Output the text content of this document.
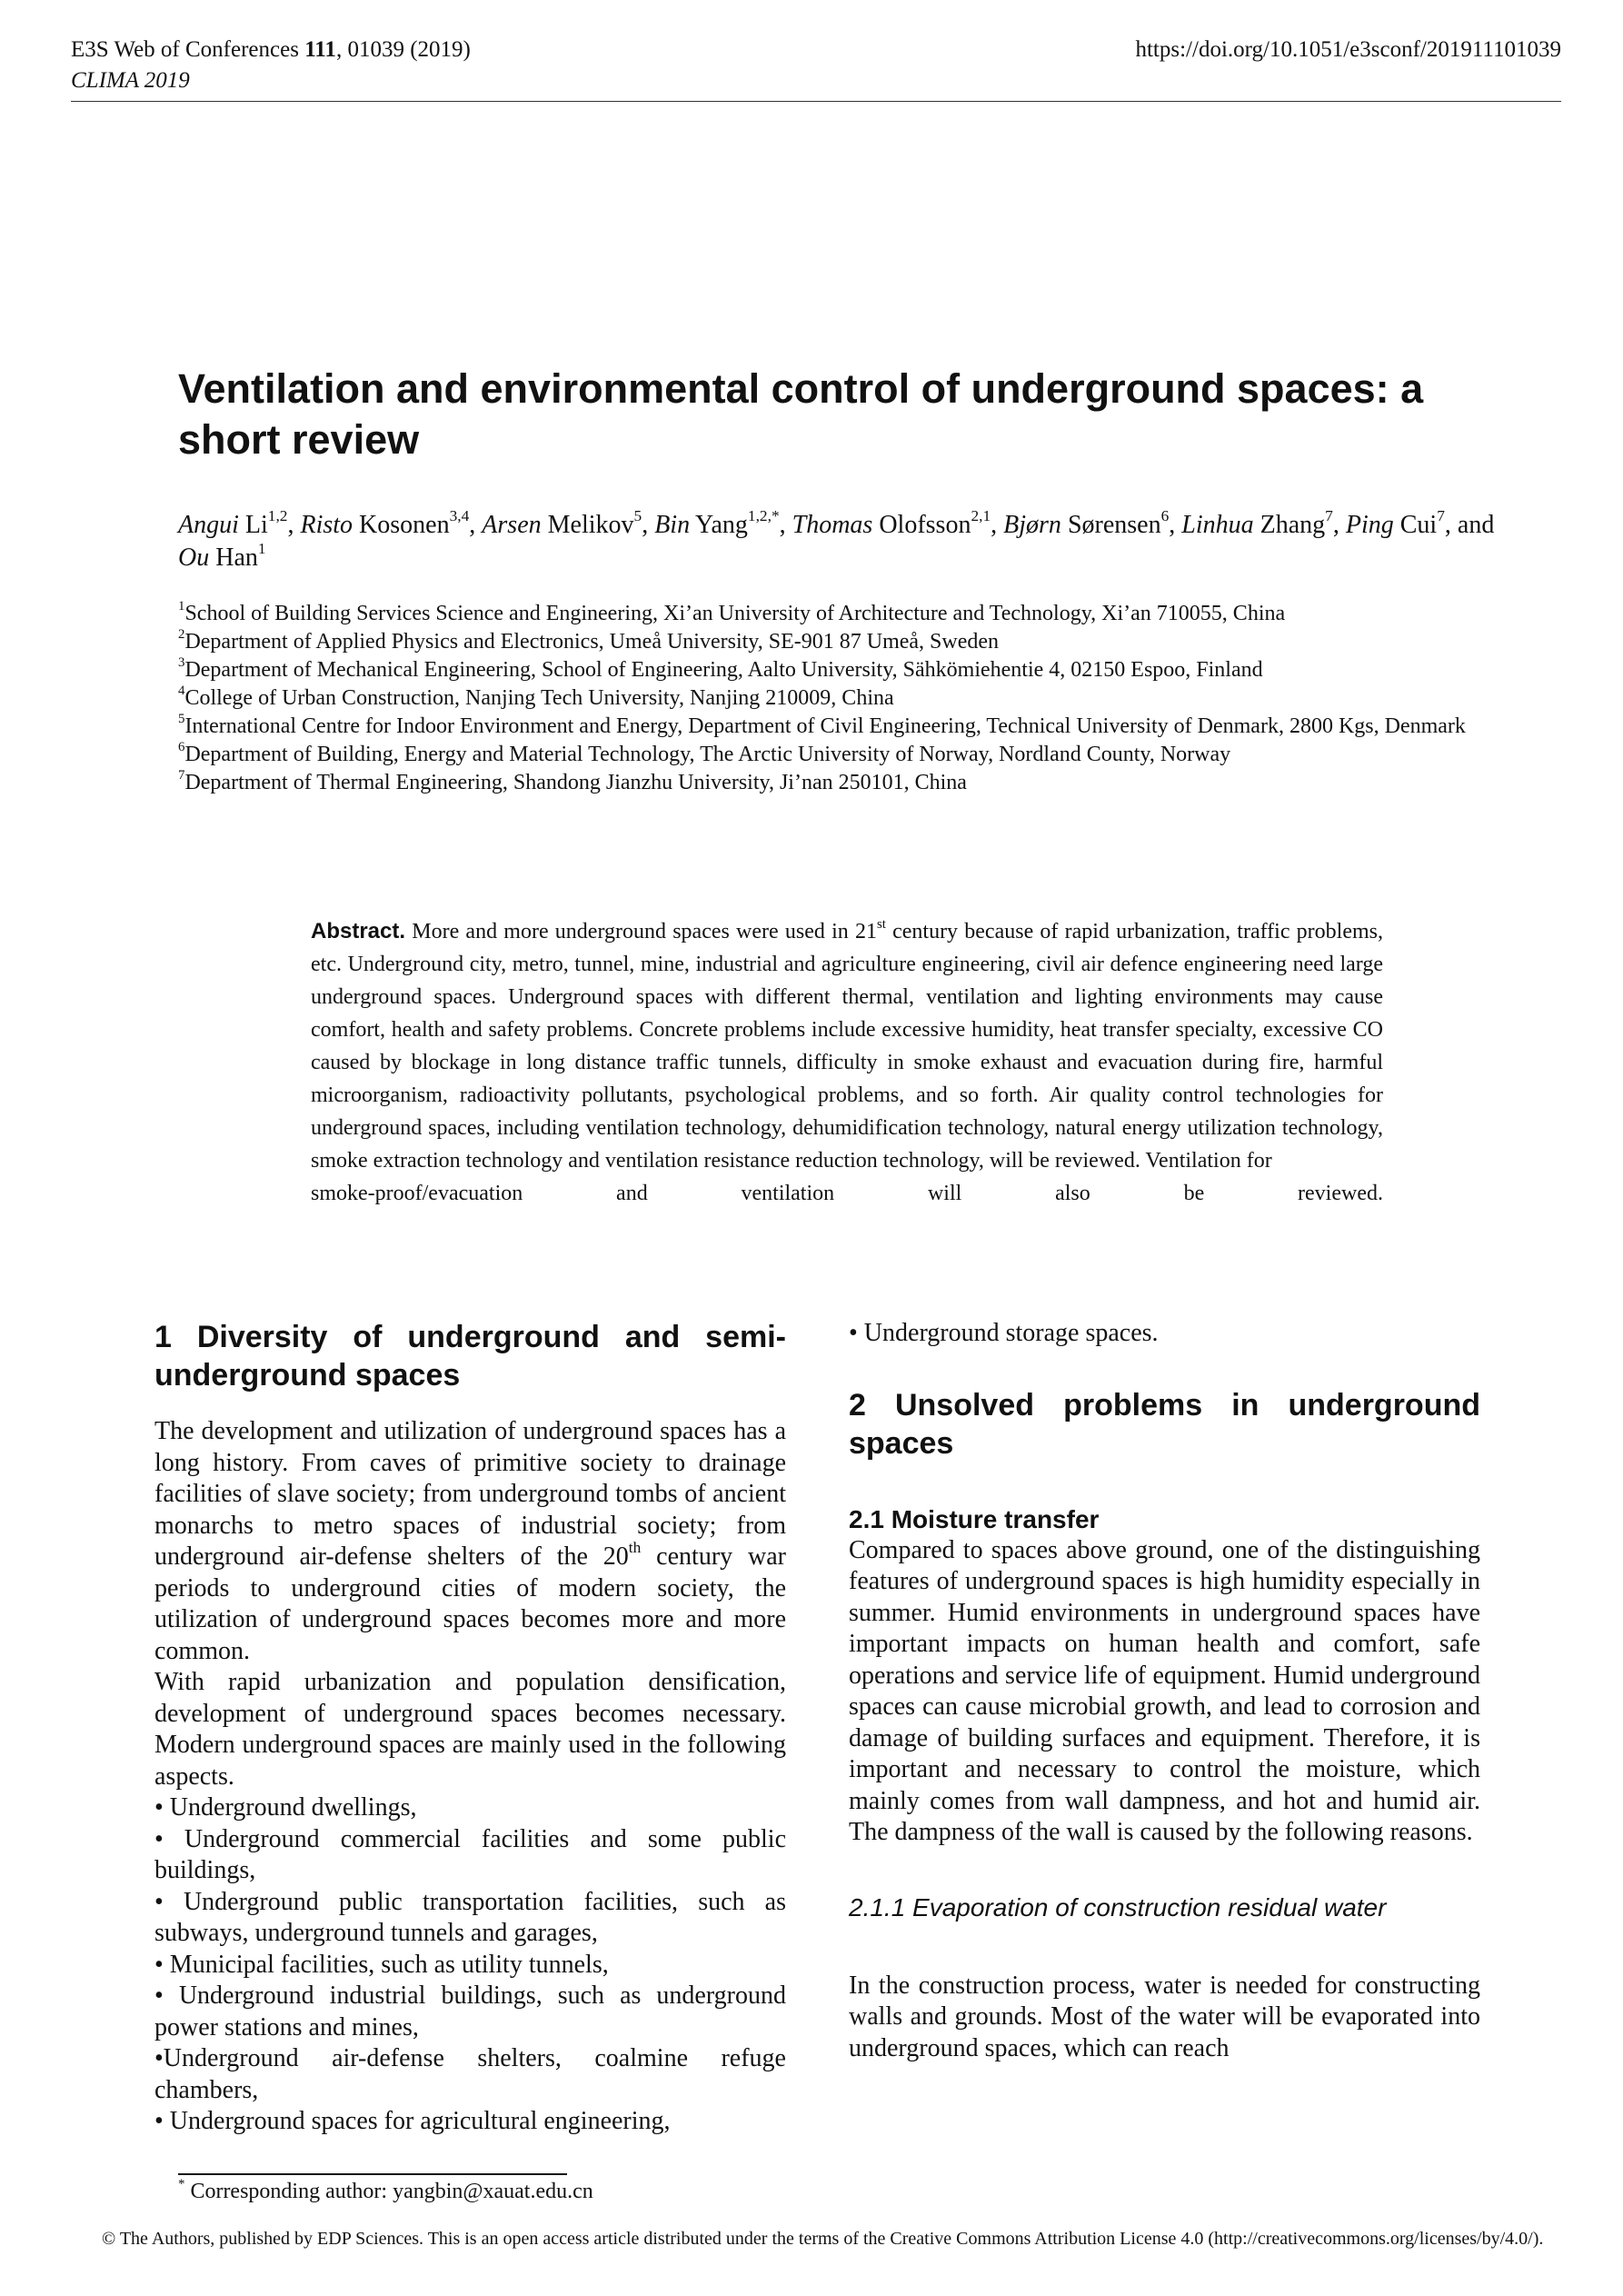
E3S Web of Conferences 111, 01039 (2019)
CLIMA 2019
https://doi.org/10.1051/e3sconf/201911101039
Ventilation and environmental control of underground spaces: a short review
Angui Li$^{1,2}$, Risto Kosonen$^{3,4}$, Arsen Melikov$^5$, Bin Yang$^{1,2,*}$, Thomas Olofsson$^{2,1}$, Bjørn Sørensen$^6$, Linhua Zhang$^7$, Ping Cui$^7$, and Ou Han$^1$
$^1$School of Building Services Science and Engineering, Xi’an University of Architecture and Technology, Xi’an 710055, China
$^2$Department of Applied Physics and Electronics, Umeå University, SE-901 87 Umeå, Sweden
$^3$Department of Mechanical Engineering, School of Engineering, Aalto University, Sähkömiehentie 4, 02150 Espoo, Finland
$^4$College of Urban Construction, Nanjing Tech University, Nanjing 210009, China
$^5$International Centre for Indoor Environment and Energy, Department of Civil Engineering, Technical University of Denmark, 2800 Kgs, Denmark
$^6$Department of Building, Energy and Material Technology, The Arctic University of Norway, Nordland County, Norway
$^7$Department of Thermal Engineering, Shandong Jianzhu University, Ji’nan 250101, China
Abstract. More and more underground spaces were used in 21st century because of rapid urbanization, traffic problems, etc. Underground city, metro, tunnel, mine, industrial and agriculture engineering, civil air defence engineering need large underground spaces. Underground spaces with different thermal, ventilation and lighting environments may cause comfort, health and safety problems. Concrete problems include excessive humidity, heat transfer specialty, excessive CO caused by blockage in long distance traffic tunnels, difficulty in smoke exhaust and evacuation during fire, harmful microorganism, radioactivity pollutants, psychological problems, and so forth. Air quality control technologies for underground spaces, including ventilation technology, dehumidification technology, natural energy utilization technology, smoke extraction technology and ventilation resistance reduction technology, will be reviewed. Ventilation for
smoke-proof/evacuation	and	ventilation	will	also	be	reviewed.
1 Diversity of underground and semi-underground spaces

The development and utilization of underground spaces has a long history. From caves of primitive society to drainage facilities of slave society; from underground tombs of ancient monarchs to metro spaces of industrial society; from underground air-defense shelters of the 20th century war periods to underground cities of modern society, the utilization of underground spaces becomes more and more common.

With rapid urbanization and population densification, development of underground spaces becomes necessary. Modern underground spaces are mainly used in the following aspects.

• Underground dwellings,

• Underground commercial facilities and some public buildings,

• Underground public transportation facilities, such as subways, underground tunnels and garages,

• Municipal facilities, such as utility tunnels,

• Underground industrial buildings, such as underground power stations and mines,

•Underground air-defense shelters, coalmine refuge chambers,

• Underground spaces for agricultural engineering,

• Underground storage spaces.

2 Unsolved problems in underground spaces
2.1 Moisture transfer

Compared to spaces above ground, one of the distinguishing features of underground spaces is high humidity especially in summer. Humid environments in underground spaces have important impacts on human health and comfort, safe operations and service life of equipment. Humid underground spaces can cause microbial growth, and lead to corrosion and damage of building surfaces and equipment. Therefore, it is important and necessary to control the moisture, which mainly comes from wall dampness, and hot and humid air. The dampness of the wall is caused by the following reasons.

2.1.1 Evaporation of construction residual water

In the construction process, water is needed for constructing walls and grounds. Most of the water will be evaporated into underground spaces, which can reach

* Corresponding author: yangbin@xauat.edu.cn
© The Authors, published by EDP Sciences. This is an open access article distributed under the terms of the Creative Commons Attribution License 4.0 (http://creativecommons.org/licenses/by/4.0/).
